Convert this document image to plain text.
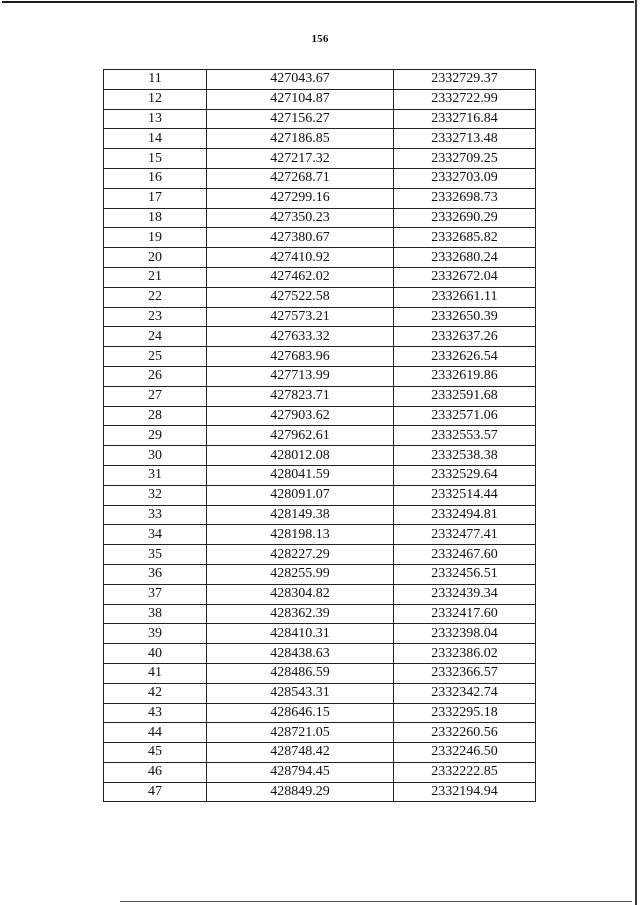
156
11	427043.67	2332729.37
12	427104.87	2332722.99
13	427156.27	2332716.84
14	427186.85	2332713.48
15	427217.32	2332709.25
16	427268.71	2332703.09
17	427299.16	2332698.73
18	427350.23	2332690.29
19	427380.67	2332685.82
20	427410.92	2332680.24
21	427462.02	2332672.04
22	427522.58	2332661.11
23	427573.21	2332650.39
24	427633.32	2332637.26
25	427683.96	2332626.54
26	427713.99	2332619.86
27	427823.71	2332591.68
28	427903.62	2332571.06
29	427962.61	2332553.57
30	428012.08	2332538.38
31	428041.59	2332529.64
32	428091.07	2332514.44
33	428149.38	2332494.81
34	428198.13	2332477.41
35	428227.29	2332467.60
36	428255.99	2332456.51
37	428304.82	2332439.34
38	428362.39	2332417.60
39	428410.31	2332398.04
40	428438.63	2332386.02
41	428486.59	2332366.57
42	428543.31	2332342.74
43	428646.15	2332295.18
44	428721.05	2332260.56
45	428748.42	2332246.50
46	428794.45	2332222.85
47	428849.29	2332194.94
